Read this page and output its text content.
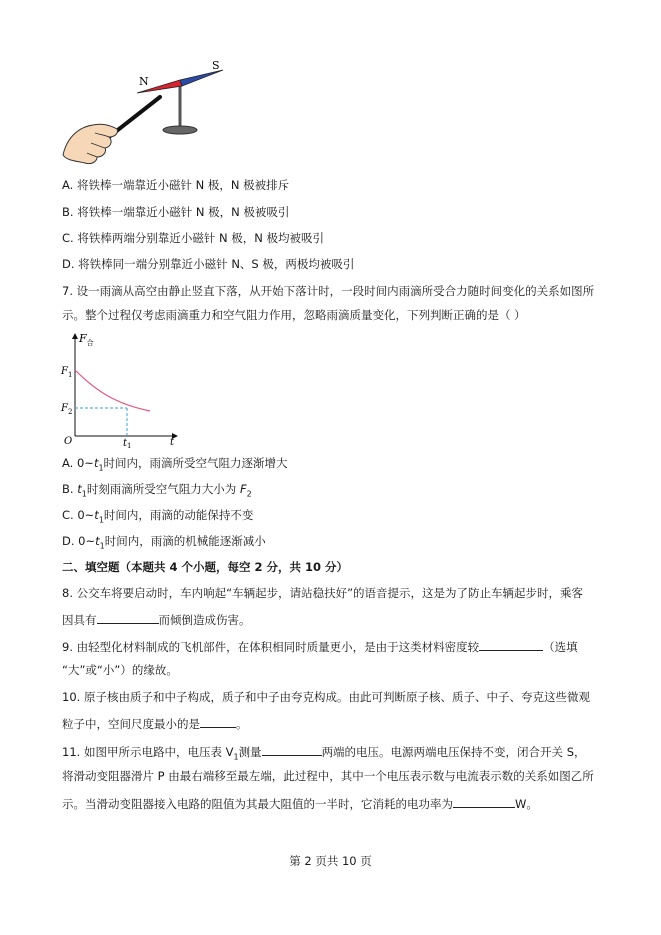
N
S
A. 将铁棒一端靠近小磁针 N 极，N 极被排斥
B. 将铁棒一端靠近小磁针 N 极，N 极被吸引
C. 将铁棒两端分别靠近小磁针 N 极，N 极均被吸引
D. 将铁棒同一端分别靠近小磁针 N、S 极，两极均被吸引
7. 设一雨滴从高空由静止竖直下落，从开始下落计时，一段时间内雨滴所受合力随时间变化的关系如图所
示。整个过程仅考虑雨滴重力和空气阻力作用，忽略雨滴质量变化，下列判断正确的是（ ）
$F_合$
$F_1$
$F_2$
O	$t_1$	t
A. $0\sim t_1$时间内，雨滴所受空气阻力逐渐增大
B. $t_1$时刻雨滴所受空气阻力大小为 $F_2$
C. $0\sim t_1$时间内，雨滴的动能保持不变
D. $0\sim t_1$时间内，雨滴的机械能逐渐减小
二、填空题（本题共 4 个小题，每空 2 分，共 10 分）
8. 公交车将要启动时，车内响起“车辆起步，请站稳扶好”的语音提示，这是为了防止车辆起步时，乘客
因具有	而倾倒造成伤害。
9. 由轻型化材料制成的飞机部件，在体积相同时质量更小，是由于这类材料密度较	（选填
“大”或“小”）的缘故。
10. 原子核由质子和中子构成，质子和中子由夸克构成。由此可判断原子核、质子、中子、夸克这些微观
粒子中，空间尺度最小的是	。
11. 如图甲所示电路中，电压表 $V_1$测量	两端的电压。电源两端电压保持不变，闭合开关 S，
将滑动变阻器滑片 P 由最右端移至最左端，此过程中，其中一个电压表示数与电流表示数的关系如图乙所
示。当滑动变阻器接入电路的阻值为其最大阻值的一半时，它消耗的电功率为	W。
第 2 页共 10 页
